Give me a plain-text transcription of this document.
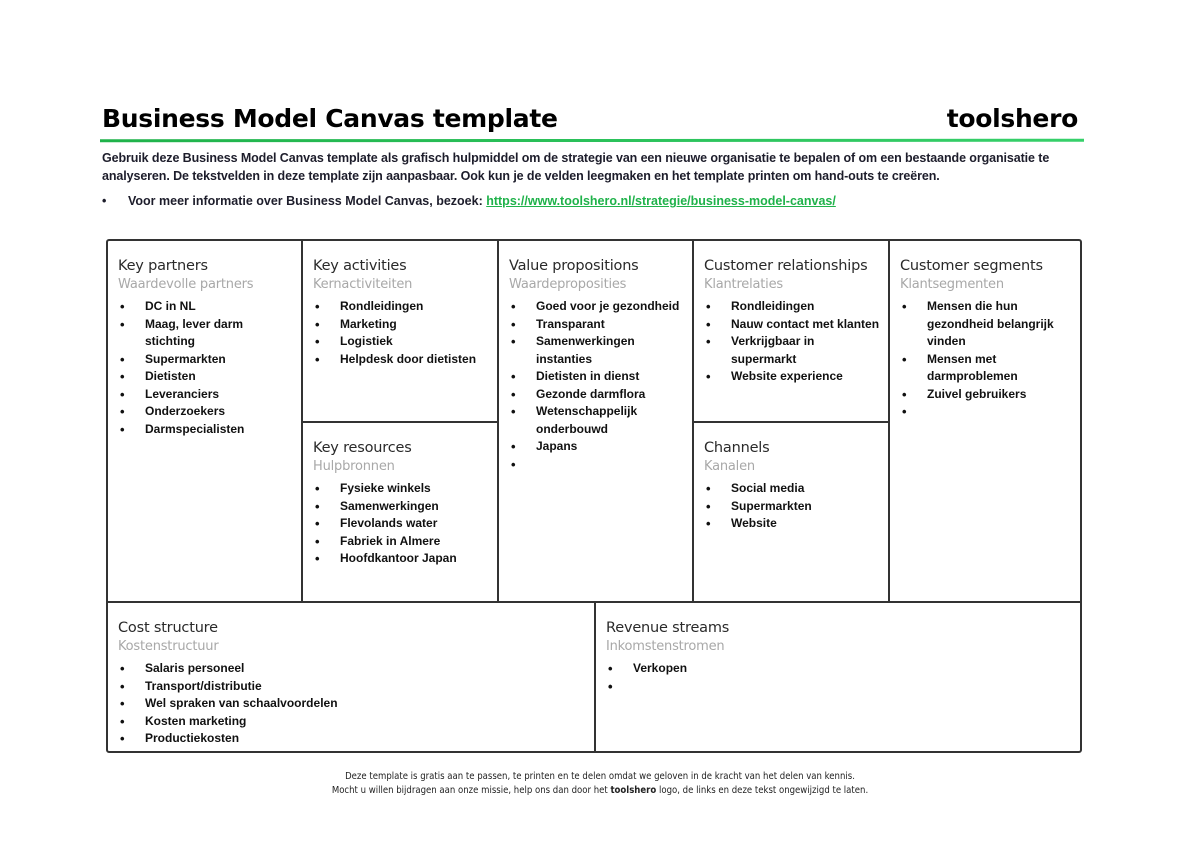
Business Model Canvas template	toolshero

Gebruik deze Business Model Canvas template als grafisch hulpmiddel om de strategie van een nieuwe organisatie te bepalen of om een bestaande organisatie te analyseren. De tekstvelden in deze template zijn aanpasbaar. Ook kun je de velden leegmaken en het template printen om hand-outs te creëren.

• Voor meer informatie over Business Model Canvas, bezoek: https://www.toolshero.nl/strategie/business-model-canvas/
Key partners
Waardevolle partners
• DC in NL
• Maag, lever darm stichting
• Supermarkten
• Dietisten
• Leveranciers
• Onderzoekers
• Darmspecialisten
Key activities
Kernactiviteiten
• Rondleidingen
• Marketing
• Logistiek
• Helpdesk door dietisten
Key resources
Hulpbronnen
• Fysieke winkels
• Samenwerkingen
• Flevolands water
• Fabriek in Almere
• Hoofdkantoor Japan
Value propositions
Waardeproposities
• Goed voor je gezondheid
• Transparant
• Samenwerkingen instanties
• Dietisten in dienst
• Gezonde darmflora
• Wetenschappelijk onderbouwd
• Japans
Customer relationships
Klantrelaties
• Rondleidingen
• Nauw contact met klanten
• Verkrijgbaar in supermarkt
• Website experience
Channels
Kanalen
• Social media
• Supermarkten
• Website
Customer segments
Klantsegmenten
• Mensen die hun gezondheid belangrijk vinden
• Mensen met darmproblemen
• Zuivel gebruikers
Cost structure
Kostenstructuur
• Salaris personeel
• Transport/distributie
• Wel spraken van schaalvoordelen
• Kosten marketing
• Productiekosten
Revenue streams
Inkomstenstromen
• Verkopen
Deze template is gratis aan te passen, te printen en te delen omdat we geloven in de kracht van het delen van kennis.
Mocht u willen bijdragen aan onze missie, help ons dan door het toolshero logo, de links en deze tekst ongewijzigd te laten.
